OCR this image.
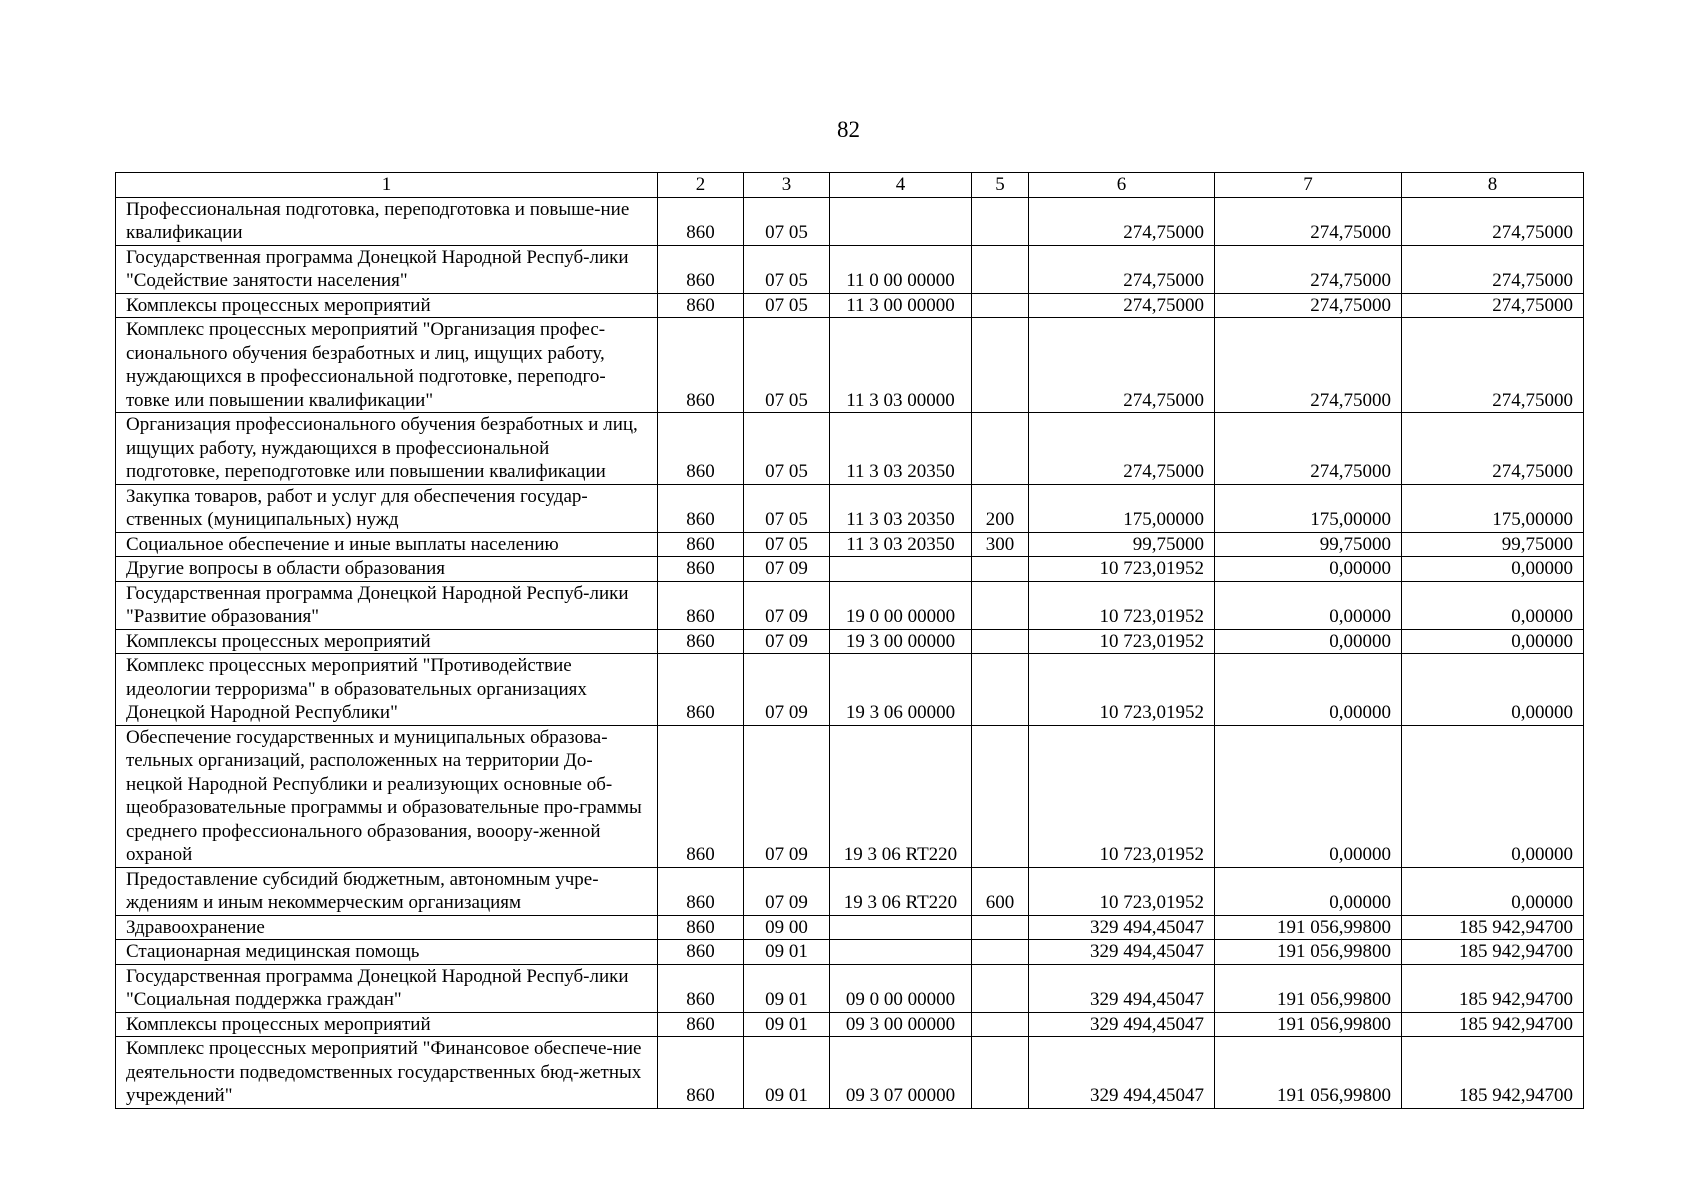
82
1	2	3	4	5	6	7	8
Профессиональная подготовка, переподготовка и повыше-ние квалификации	860	07 05			274,75000	274,75000	274,75000
Государственная программа Донецкой Народной Респуб-лики "Содействие занятости населения"	860	07 05	11 0 00 00000		274,75000	274,75000	274,75000
Комплексы процессных мероприятий	860	07 05	11 3 00 00000		274,75000	274,75000	274,75000
Комплекс процессных мероприятий "Организация профес-сионального обучения безработных и лиц, ищущих работу, нуждающихся в профессиональной подготовке, переподго-товке или повышении квалификации"	860	07 05	11 3 03 00000		274,75000	274,75000	274,75000
Организация профессионального обучения безработных и лиц, ищущих работу, нуждающихся в профессиональной подготовке, переподготовке или повышении квалификации	860	07 05	11 3 03 20350		274,75000	274,75000	274,75000
Закупка товаров, работ и услуг для обеспечения государ-ственных (муниципальных) нужд	860	07 05	11 3 03 20350	200	175,00000	175,00000	175,00000
Социальное обеспечение и иные выплаты населению	860	07 05	11 3 03 20350	300	99,75000	99,75000	99,75000
Другие вопросы в области образования	860	07 09			10 723,01952	0,00000	0,00000
Государственная программа Донецкой Народной Респуб-лики "Развитие образования"	860	07 09	19 0 00 00000		10 723,01952	0,00000	0,00000
Комплексы процессных мероприятий	860	07 09	19 3 00 00000		10 723,01952	0,00000	0,00000
Комплекс процессных мероприятий "Противодействие идеологии терроризма" в образовательных организациях Донецкой Народной Республики"	860	07 09	19 3 06 00000		10 723,01952	0,00000	0,00000
Обеспечение государственных и муниципальных образова-тельных организаций, расположенных на территории До-нецкой Народной Республики и реализующих основные об-щеобразовательные программы и образовательные про-граммы среднего профессионального образования, вооору-женной охраной	860	07 09	19 3 06 RT220		10 723,01952	0,00000	0,00000
Предоставление субсидий бюджетным, автономным учре-ждениям и иным некоммерческим организациям	860	07 09	19 3 06 RT220	600	10 723,01952	0,00000	0,00000
Здравоохранение	860	09 00			329 494,45047	191 056,99800	185 942,94700
Стационарная медицинская помощь	860	09 01			329 494,45047	191 056,99800	185 942,94700
Государственная программа Донецкой Народной Респуб-лики "Социальная поддержка граждан"	860	09 01	09 0 00 00000		329 494,45047	191 056,99800	185 942,94700
Комплексы процессных мероприятий	860	09 01	09 3 00 00000		329 494,45047	191 056,99800	185 942,94700
Комплекс процессных мероприятий "Финансовое обеспече-ние деятельности подведомственных государственных бюд-жетных учреждений"	860	09 01	09 3 07 00000		329 494,45047	191 056,99800	185 942,94700
